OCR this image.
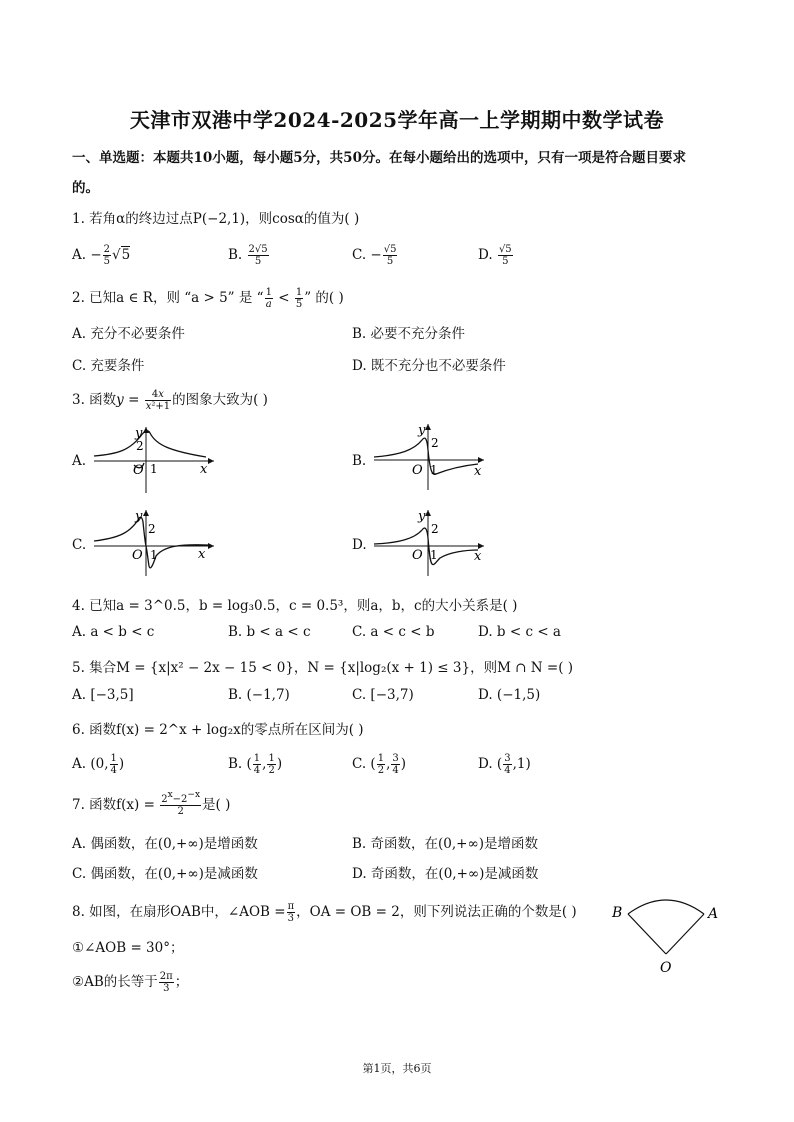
天津市双港中学2024-2025学年高一上学期期中数学试卷
一、单选题：本题共10小题，每小题5分，共50分。在每小题给出的选项中，只有一项是符合题目要求
的。
1. 若角α的终边过点P(−2,1)，则cosα的值为( )
A. − $\frac{2}{5} √5$	B. $\frac{2√5}{5}$	C. − $\frac{√5}{5}$	D. $\frac{√5}{5}$
2. 已知a ∈ R，则 “a > 5” 是 “ $\frac{1}{a} < \frac{1}{5}$ ” 的( )
A. 充分不必要条件	B. 必要不充分条件
C. 充要条件	D. 既不充分也不必要条件
3. 函数$y = \frac{4x}{\text{x²+1}}$ 的图象大致为( )
A.
y
2
O 1	x
B.
y
2
O 1	x
C.
y
2
O 1	x
D.
y
2
O 1	x
4. 已知a = 3^0.5，b = log₃0.5，c = 0.5³，则a，b，c的大小关系是( )
A. a < b < c	B. b < a < c	C. a < c < b	D. b < c < a
5. 集合M = {x|x² − 2x − 15 < 0}，N = {x|log₂(x + 1) ≤ 3}，则M ∩ N =( )
A. [−3,5]	B. (−1,7)	C. [−3,7)	D. (−1,5)
6. 函数f(x) = 2^x + log₂x的零点所在区间为( )
A. (0, $\frac{1}{4}$ )	B. ( $\frac{1}{4}$ , $\frac{1}{2}$ )	C. ( $\frac{1}{2}$ , $\frac{3}{4}$ )	D. ( $\frac{3}{4} ,1$)
7. 函数$f(x) = \frac{2^x-2^{-x}}{2}$ 是( )
A. 偶函数，在(0,+∞)是增函数	B. 奇函数，在(0,+∞)是增函数
C. 偶函数，在(0,+∞)是减函数	D. 奇函数，在(0,+∞)是减函数
8. 如图，在扇形OAB中，∠AOB = $\frac{\pi}{3}$ ，OA = OB = 2，则下列说法正确的个数是( )
①∠AOB = 30°；
②AB的长等于 $\frac{2\pi}{3}$ ；
B	A
O
第1页，共6页
